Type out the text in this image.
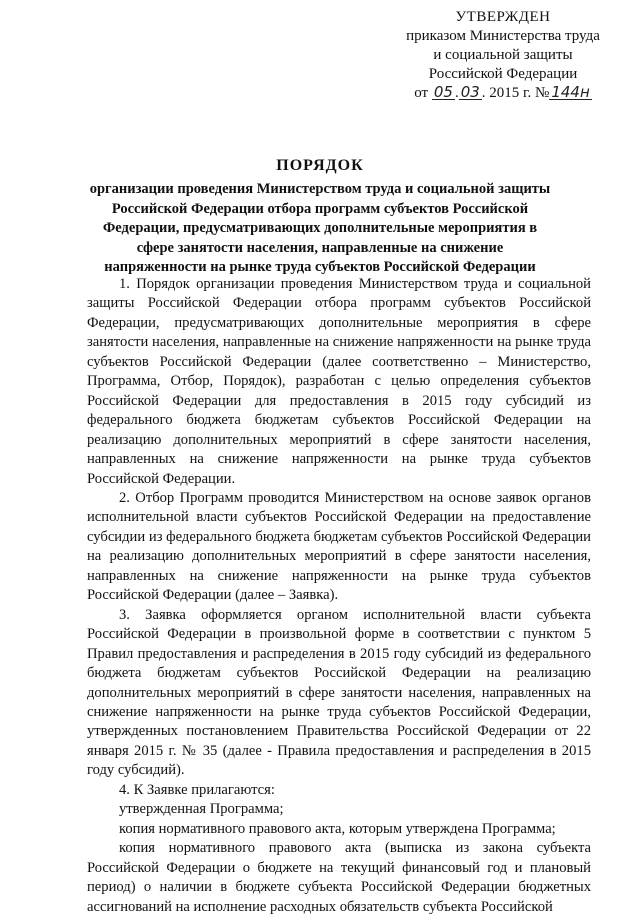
УТВЕРЖДЕН
приказом Министерства труда
и социальной защиты
Российской Федерации
от 05 . 03 . 2015 г. № 144н
ПОРЯДОК
организации проведения Министерством труда и социальной защиты Российской Федерации отбора программ субъектов Российской Федерации, предусматривающих дополнительные мероприятия в сфере занятости населения, направленные на снижение напряженности на рынке труда субъектов Российской Федерации

1. Порядок организации проведения Министерством труда и социальной защиты Российской Федерации отбора программ субъектов Российской Федерации, предусматривающих дополнительные мероприятия в сфере занятости населения, направленные на снижение напряженности на рынке труда субъектов Российской Федерации (далее соответственно – Министерство, Программа, Отбор, Порядок), разработан с целью определения субъектов Российской Федерации для предоставления в 2015 году субсидий из федерального бюджета бюджетам субъектов Российской Федерации на реализацию дополнительных мероприятий в сфере занятости населения, направленных на снижение напряженности на рынке труда субъектов Российской Федерации.

2. Отбор Программ проводится Министерством на основе заявок органов исполнительной власти субъектов Российской Федерации на предоставление субсидии из федерального бюджета бюджетам субъектов Российской Федерации на реализацию дополнительных мероприятий в сфере занятости населения, направленных на снижение напряженности на рынке труда субъектов Российской Федерации (далее – Заявка).

3. Заявка оформляется органом исполнительной власти субъекта Российской Федерации в произвольной форме в соответствии с пунктом 5 Правил предоставления и распределения в 2015 году субсидий из федерального бюджета бюджетам субъектов Российской Федерации на реализацию дополнительных мероприятий в сфере занятости населения, направленных на снижение напряженности на рынке труда субъектов Российской Федерации, утвержденных постановлением Правительства Российской Федерации от 22 января 2015 г. № 35 (далее - Правила предоставления и распределения в 2015 году субсидий).

4. К Заявке прилагаются:

утвержденная Программа;

копия нормативного правового акта, которым утверждена Программа;

копия нормативного правового акта (выписка из закона субъекта Российской Федерации о бюджете на текущий финансовый год и плановый период) о наличии в бюджете субъекта Российской Федерации бюджетных ассигнований на исполнение расходных обязательств субъекта Российской
